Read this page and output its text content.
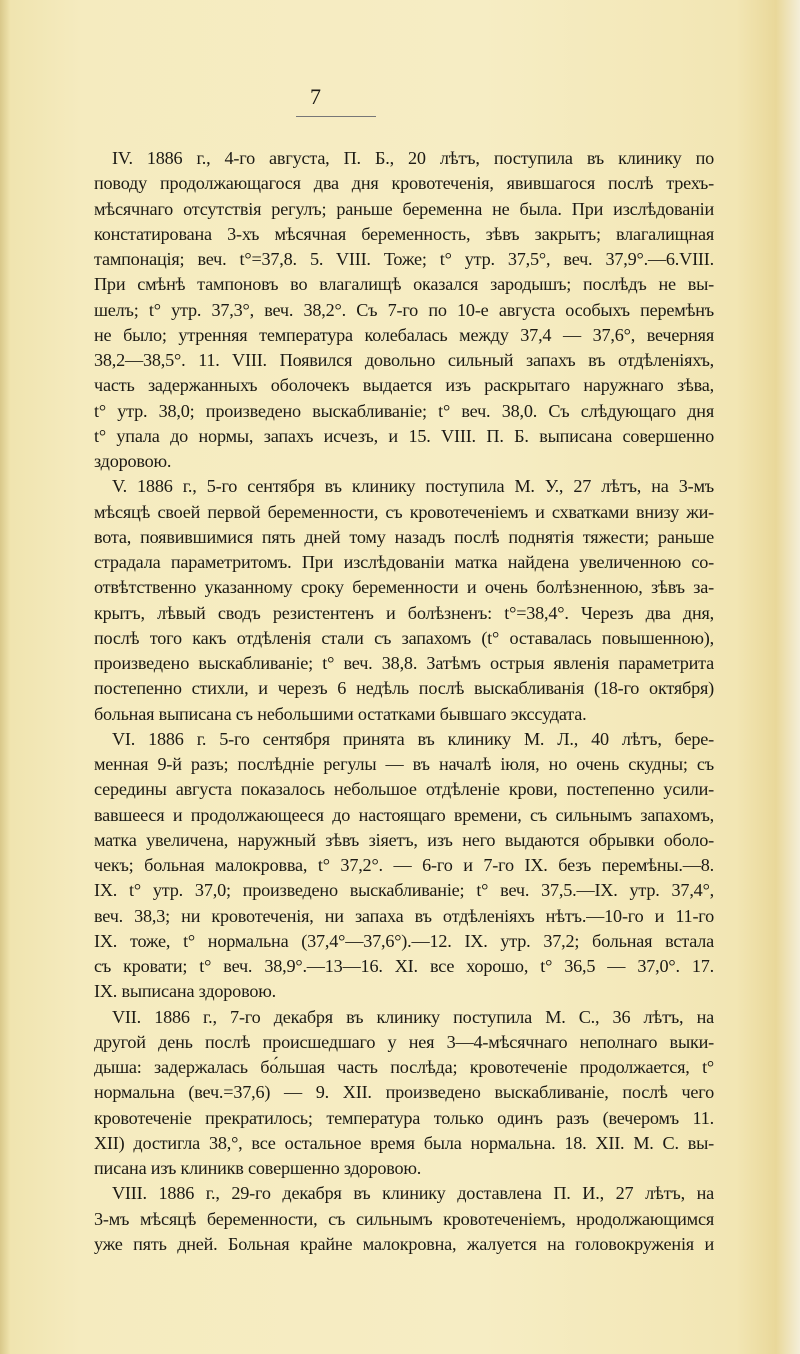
7
IV. 1886 г., 4-го августа, П. Б., 20 лѣтъ, поступила въ клинику по
поводу продолжающагося два дня кровотеченія, явившагося послѣ трехъ-
мѣсячнаго отсутствія регулъ; раньше беременна не была. При изслѣдованіи
констатирована 3-хъ мѣсячная беременность, зѣвъ закрытъ; влагалищная
тампонація; веч. t°=37,8. 5. VIII. Тоже; t° утр. 37,5°, веч. 37,9°.—6.VIII.
При смѣнѣ тампоновъ во влагалищѣ оказался зародышъ; послѣдъ не вы-
шелъ; t° утр. 37,3°, веч. 38,2°. Съ 7-го по 10-е августа особыхъ перемѣнъ
не было; утренняя температура колебалась между 37,4 — 37,6°, вечерняя
38,2—38,5°. 11. VIII. Появился довольно сильный запахъ въ отдѣленіяхъ,
часть задержанныхъ оболочекъ выдается изъ раскрытаго наружнаго зѣва,
t° утр. 38,0; произведено выскабливаніе; t° веч. 38,0. Съ слѣдующаго дня
t° упала до нормы, запахъ исчезъ, и 15. VIII. П. Б. выписана совершенно
здоровою.
V. 1886 г., 5-го сентября въ клинику поступила М. У., 27 лѣтъ, на 3-мъ
мѣсяцѣ своей первой беременности, съ кровотеченіемъ и схватками внизу жи-
вота, появившимися пять дней тому назадъ послѣ поднятія тяжести; раньше
страдала параметритомъ. При изслѣдованіи матка найдена увеличенною со-
отвѣтственно указанному сроку беременности и очень болѣзненною, зѣвъ за-
крытъ, лѣвый сводъ резистентенъ и болѣзненъ: t°=38,4°. Черезъ два дня,
послѣ того какъ отдѣленія стали съ запахомъ (t° оставалась повышенною),
произведено выскабливаніе; t° веч. 38,8. Затѣмъ острыя явленія параметрита
постепенно стихли, и черезъ 6 недѣль послѣ выскабливанія (18-го октября)
больная выписана съ небольшими остатками бывшаго экссудата.
VI. 1886 г. 5-го сентября принята въ клинику М. Л., 40 лѣтъ, бере-
менная 9-й разъ; послѣдніе регулы — въ началѣ іюля, но очень скудны; съ
середины августа показалось небольшое отдѣленіе крови, постепенно усили-
вавшееся и продолжающееся до настоящаго времени, съ сильнымъ запахомъ,
матка увеличена, наружный зѣвъ зіяетъ, изъ него выдаются обрывки оболо-
чекъ; больная малокровва, t° 37,2°. — 6-го и 7-го IX. безъ перемѣны.—8.
IX. t° утр. 37,0; произведено выскабливаніе; t° веч. 37,5.—IX. утр. 37,4°,
веч. 38,3; ни кровотеченія, ни запаха въ отдѣленіяхъ нѣтъ.—10-го и 11-го
IX. тоже, t° нормальна (37,4°—37,6°).—12. IX. утр. 37,2; больная встала
съ кровати; t° веч. 38,9°.—13—16. XI. все хорошо, t° 36,5 — 37,0°. 17.
IX. выписана здоровою.
VII. 1886 г., 7-го декабря въ клинику поступила М. С., 36 лѣтъ, на
другой день послѣ происшедшаго у нея 3—4-мѣсячнаго неполнаго выки-
дыша: задержалась бо́льшая часть послѣда; кровотеченіе продолжается, t°
нормальна (веч.=37,6) — 9. XII. произведено выскабливаніе, послѣ чего
кровотеченіе прекратилось; температура только одинъ разъ (вечеромъ 11.
XII) достигла 38,°, все остальное время была нормальна. 18. XII. М. С. вы-
писана изъ клиникв совершенно здоровою.
VIII. 1886 г., 29-го декабря въ клинику доставлена П. И., 27 лѣтъ, на
3-мъ мѣсяцѣ беременности, съ сильнымъ кровотеченіемъ, нродолжающимся
уже пять дней. Больная крайне малокровна, жалуется на головокруженія и
